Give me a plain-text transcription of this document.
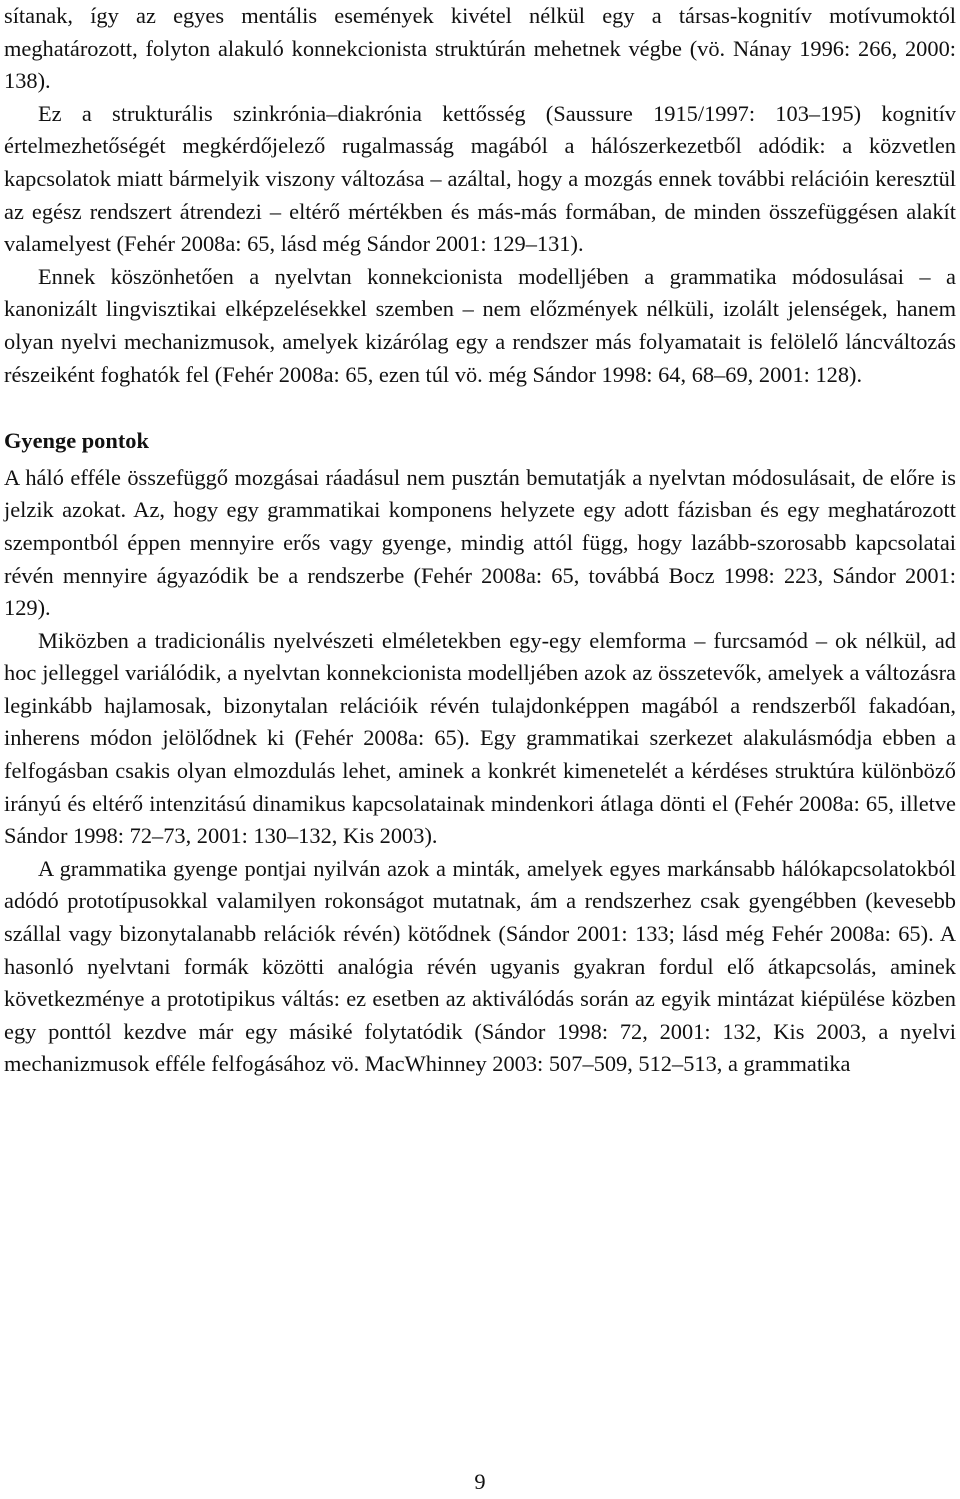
sítanak, így az egyes mentális események kivétel nélkül egy a társas-kognitív motívumoktól meghatározott, folyton alakuló konnekcionista struktúrán mehetnek végbe (vö. Nánay 1996: 266, 2000: 138).

Ez a strukturális szinkrónia–diakrónia kettősség (Saussure 1915/1997: 103–195) kognitív értelmezhetőségét megkérdőjelező rugalmasság magából a hálószerkezetből adódik: a közvetlen kapcsolatok miatt bármelyik viszony változása – azáltal, hogy a mozgás ennek további relációin keresztül az egész rendszert átrendezi – eltérő mértékben és más-más formában, de minden összefüggésen alakít valamelyest (Fehér 2008a: 65, lásd még Sándor 2001: 129–131).

Ennek köszönhetően a nyelvtan konnekcionista modelljében a grammatika módosulásai – a kanonizált lingvisztikai elképzelésekkel szemben – nem előzmények nélküli, izolált jelenségek, hanem olyan nyelvi mechanizmusok, amelyek kizárólag egy a rendszer más folyamatait is felölelő láncváltozás részeiként foghatók fel (Fehér 2008a: 65, ezen túl vö. még Sándor 1998: 64, 68–69, 2001: 128).

Gyenge pontok

A háló efféle összefüggő mozgásai ráadásul nem pusztán bemutatják a nyelvtan módosulásait, de előre is jelzik azokat. Az, hogy egy grammatikai komponens helyzete egy adott fázisban és egy meghatározott szempontból éppen mennyire erős vagy gyenge, mindig attól függ, hogy lazább-szorosabb kapcsolatai révén mennyire ágyazódik be a rendszerbe (Fehér 2008a: 65, továbbá Bocz 1998: 223, Sándor 2001: 129).

Miközben a tradicionális nyelvészeti elméletekben egy-egy elemforma – furcsamód – ok nélkül, ad hoc jelleggel variálódik, a nyelvtan konnekcionista modelljében azok az összetevők, amelyek a változásra leginkább hajlamosak, bizonytalan relációik révén tulajdonképpen magából a rendszerből fakadóan, inherens módon jelölődnek ki (Fehér 2008a: 65). Egy grammatikai szerkezet alakulásmódja ebben a felfogásban csakis olyan elmozdulás lehet, aminek a konkrét kimenetelét a kérdéses struktúra különböző irányú és eltérő intenzitású dinamikus kapcsolatainak mindenkori átlaga dönti el (Fehér 2008a: 65, illetve Sándor 1998: 72–73, 2001: 130–132, Kis 2003).

A grammatika gyenge pontjai nyilván azok a minták, amelyek egyes markánsabb hálókapcsolatokból adódó prototípusokkal valamilyen rokonságot mutatnak, ám a rendszerhez csak gyengébben (kevesebb szállal vagy bizonytalanabb relációk révén) kötődnek (Sándor 2001: 133; lásd még Fehér 2008a: 65). A hasonló nyelvtani formák közötti analógia révén ugyanis gyakran fordul elő átkapcsolás, aminek következménye a prototipikus váltás: ez esetben az aktiválódás során az egyik mintázat kiépülése közben egy ponttól kezdve már egy másiké folytatódik (Sándor 1998: 72, 2001: 132, Kis 2003, a nyelvi mechanizmusok efféle felfogásához vö. MacWhinney 2003: 507–509, 512–513, a grammatika

9
